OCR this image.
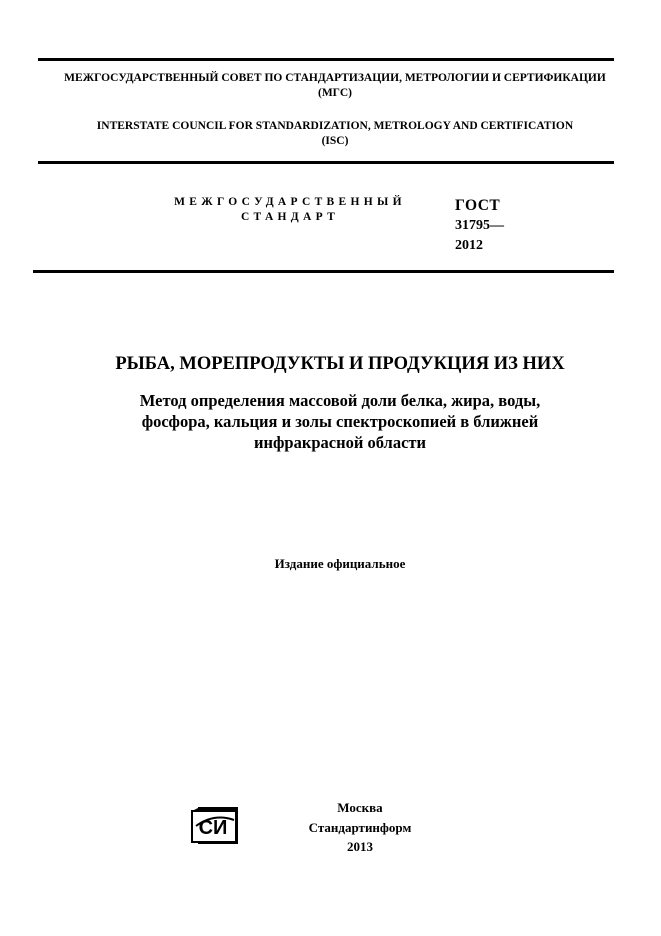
МЕЖГОСУДАРСТВЕННЫЙ СОВЕТ ПО СТАНДАРТИЗАЦИИ, МЕТРОЛОГИИ И СЕРТИФИКАЦИИ
(МГС)
INTERSTATE COUNCIL FOR STANDARDIZATION, METROLOGY AND CERTIFICATION
(ISC)
МЕЖГОСУДАРСТВЕННЫЙ
СТАНДАРТ
ГОСТ
31795—
2012
РЫБА, МОРЕПРОДУКТЫ И ПРОДУКЦИЯ ИЗ НИХ
Метод определения массовой доли белка, жира, воды,
фосфора, кальция и золы спектроскопией в ближней
инфракрасной области
Издание официальное
СИ
Москва
Стандартинформ
2013
